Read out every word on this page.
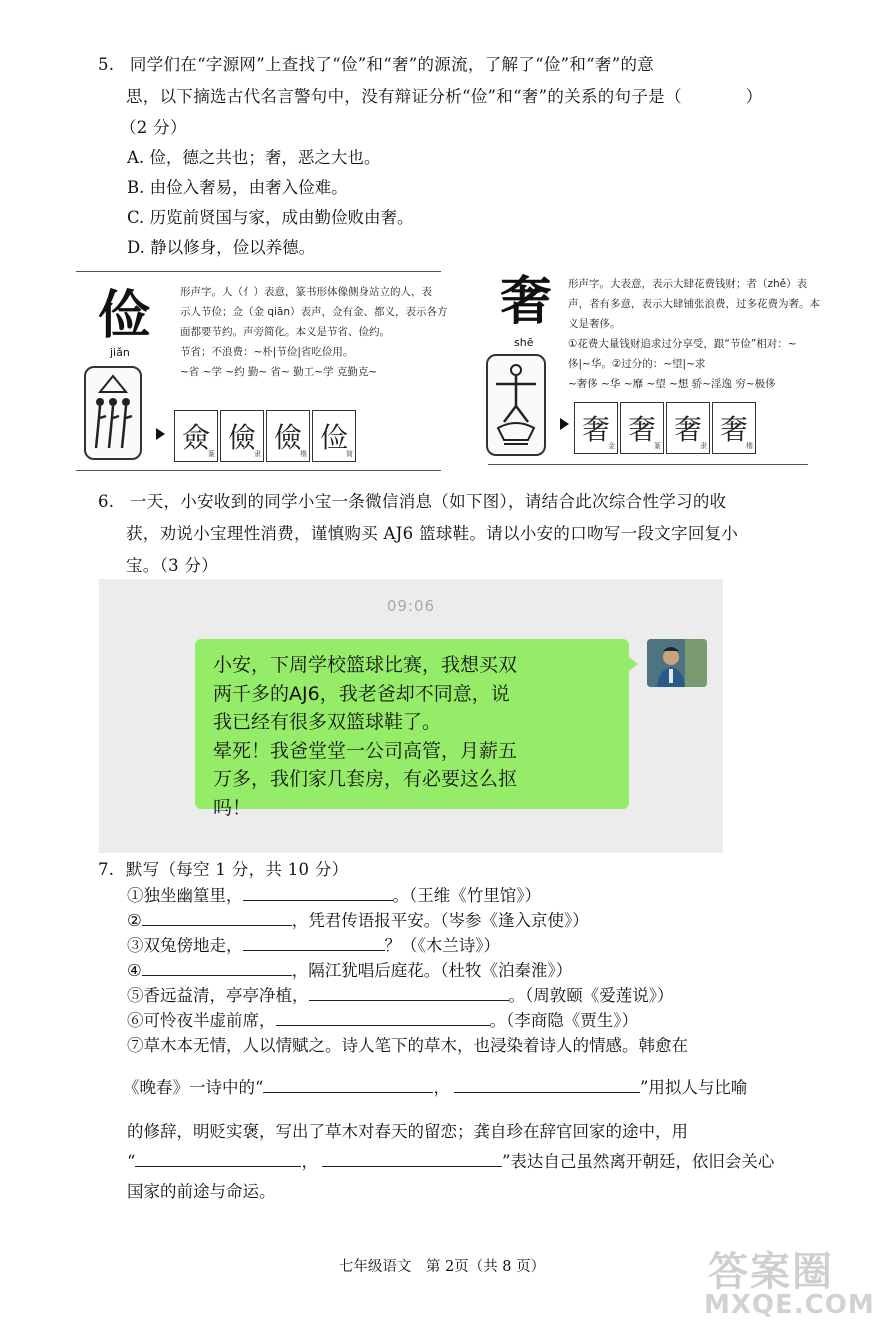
5. 同学们在“字源网”上查找了“俭”和“奢”的源流，了解了“俭”和“奢”的意
思，以下摘选古代名言警句中，没有辩证分析“俭”和“奢”的关系的句子是（	）
（2 分）
A. 俭，德之共也；奢，恶之大也。
B. 由俭入奢易，由奢入俭难。
C. 历览前贤国与家，成由勤俭败由奢。
D. 静以修身，俭以养德。
俭
jiǎn
形声字。人（亻）表意，篆书形体像侧身站立的人，表
示人节俭；佥（金 qiān）表声，佥有金、都义，表示各方
面都要节约。声旁简化。本义是节省、俭约。
节省；不浪费：~朴|节俭|省吃俭用。
~省 ~学 ~约 勤~ 省~ 勤工~学 克勤克~
僉
篆 儉
隶 儉
楷 俭
简
奢
shē
形声字。大表意，表示大肆花费钱财；者（zhě）表
声，者有多意，表示大肆铺张浪费，过多花费为奢。本
义是奢侈。
①花费大量钱财追求过分享受，跟“节俭”相对：~
侈|~华。②过分的：~望|~求
~奢侈 ~华 ~靡 ~望 ~想 骄~淫逸 穷~极侈
奢
金 奢
篆 奢
隶 奢
楷
6. 一天，小安收到的同学小宝一条微信消息（如下图），请结合此次综合性学习的收
获，劝说小宝理性消费，谨慎购买 AJ6 篮球鞋。请以小安的口吻写一段文字回复小
宝。（3 分）
09:06
小安，下周学校篮球比赛，我想买双
两千多的AJ6，我老爸却不同意，说
我已经有很多双篮球鞋了。
晕死！我爸堂堂一公司高管，月薪五
万多，我们家几套房，有必要这么抠
吗！
7. 默写（每空 1 分，共 10 分）
①独坐幽篁里，	。（王维《竹里馆》）
②	，凭君传语报平安。（岑参《逢入京使》）
③双兔傍地走，	？（《木兰诗》）
④	，隔江犹唱后庭花。（杜牧《泊秦淮》）
⑤香远益清，亭亭净植，	。（周敦颐《爱莲说》）
⑥可怜夜半虚前席，	。（李商隐《贾生》）
⑦草木本无情，人以情赋之。诗人笔下的草木，也浸染着诗人的情感。韩愈在
《晚春》一诗中的“	，	”用拟人与比喻
的修辞，明贬实褒，写出了草木对春天的留恋；龚自珍在辞官回家的途中，用
“	，	”表达自己虽然离开朝廷，依旧会关心
国家的前途与命运。
七年级语文　第 2页（共 8 页）	答案圈
MXQE.COM
